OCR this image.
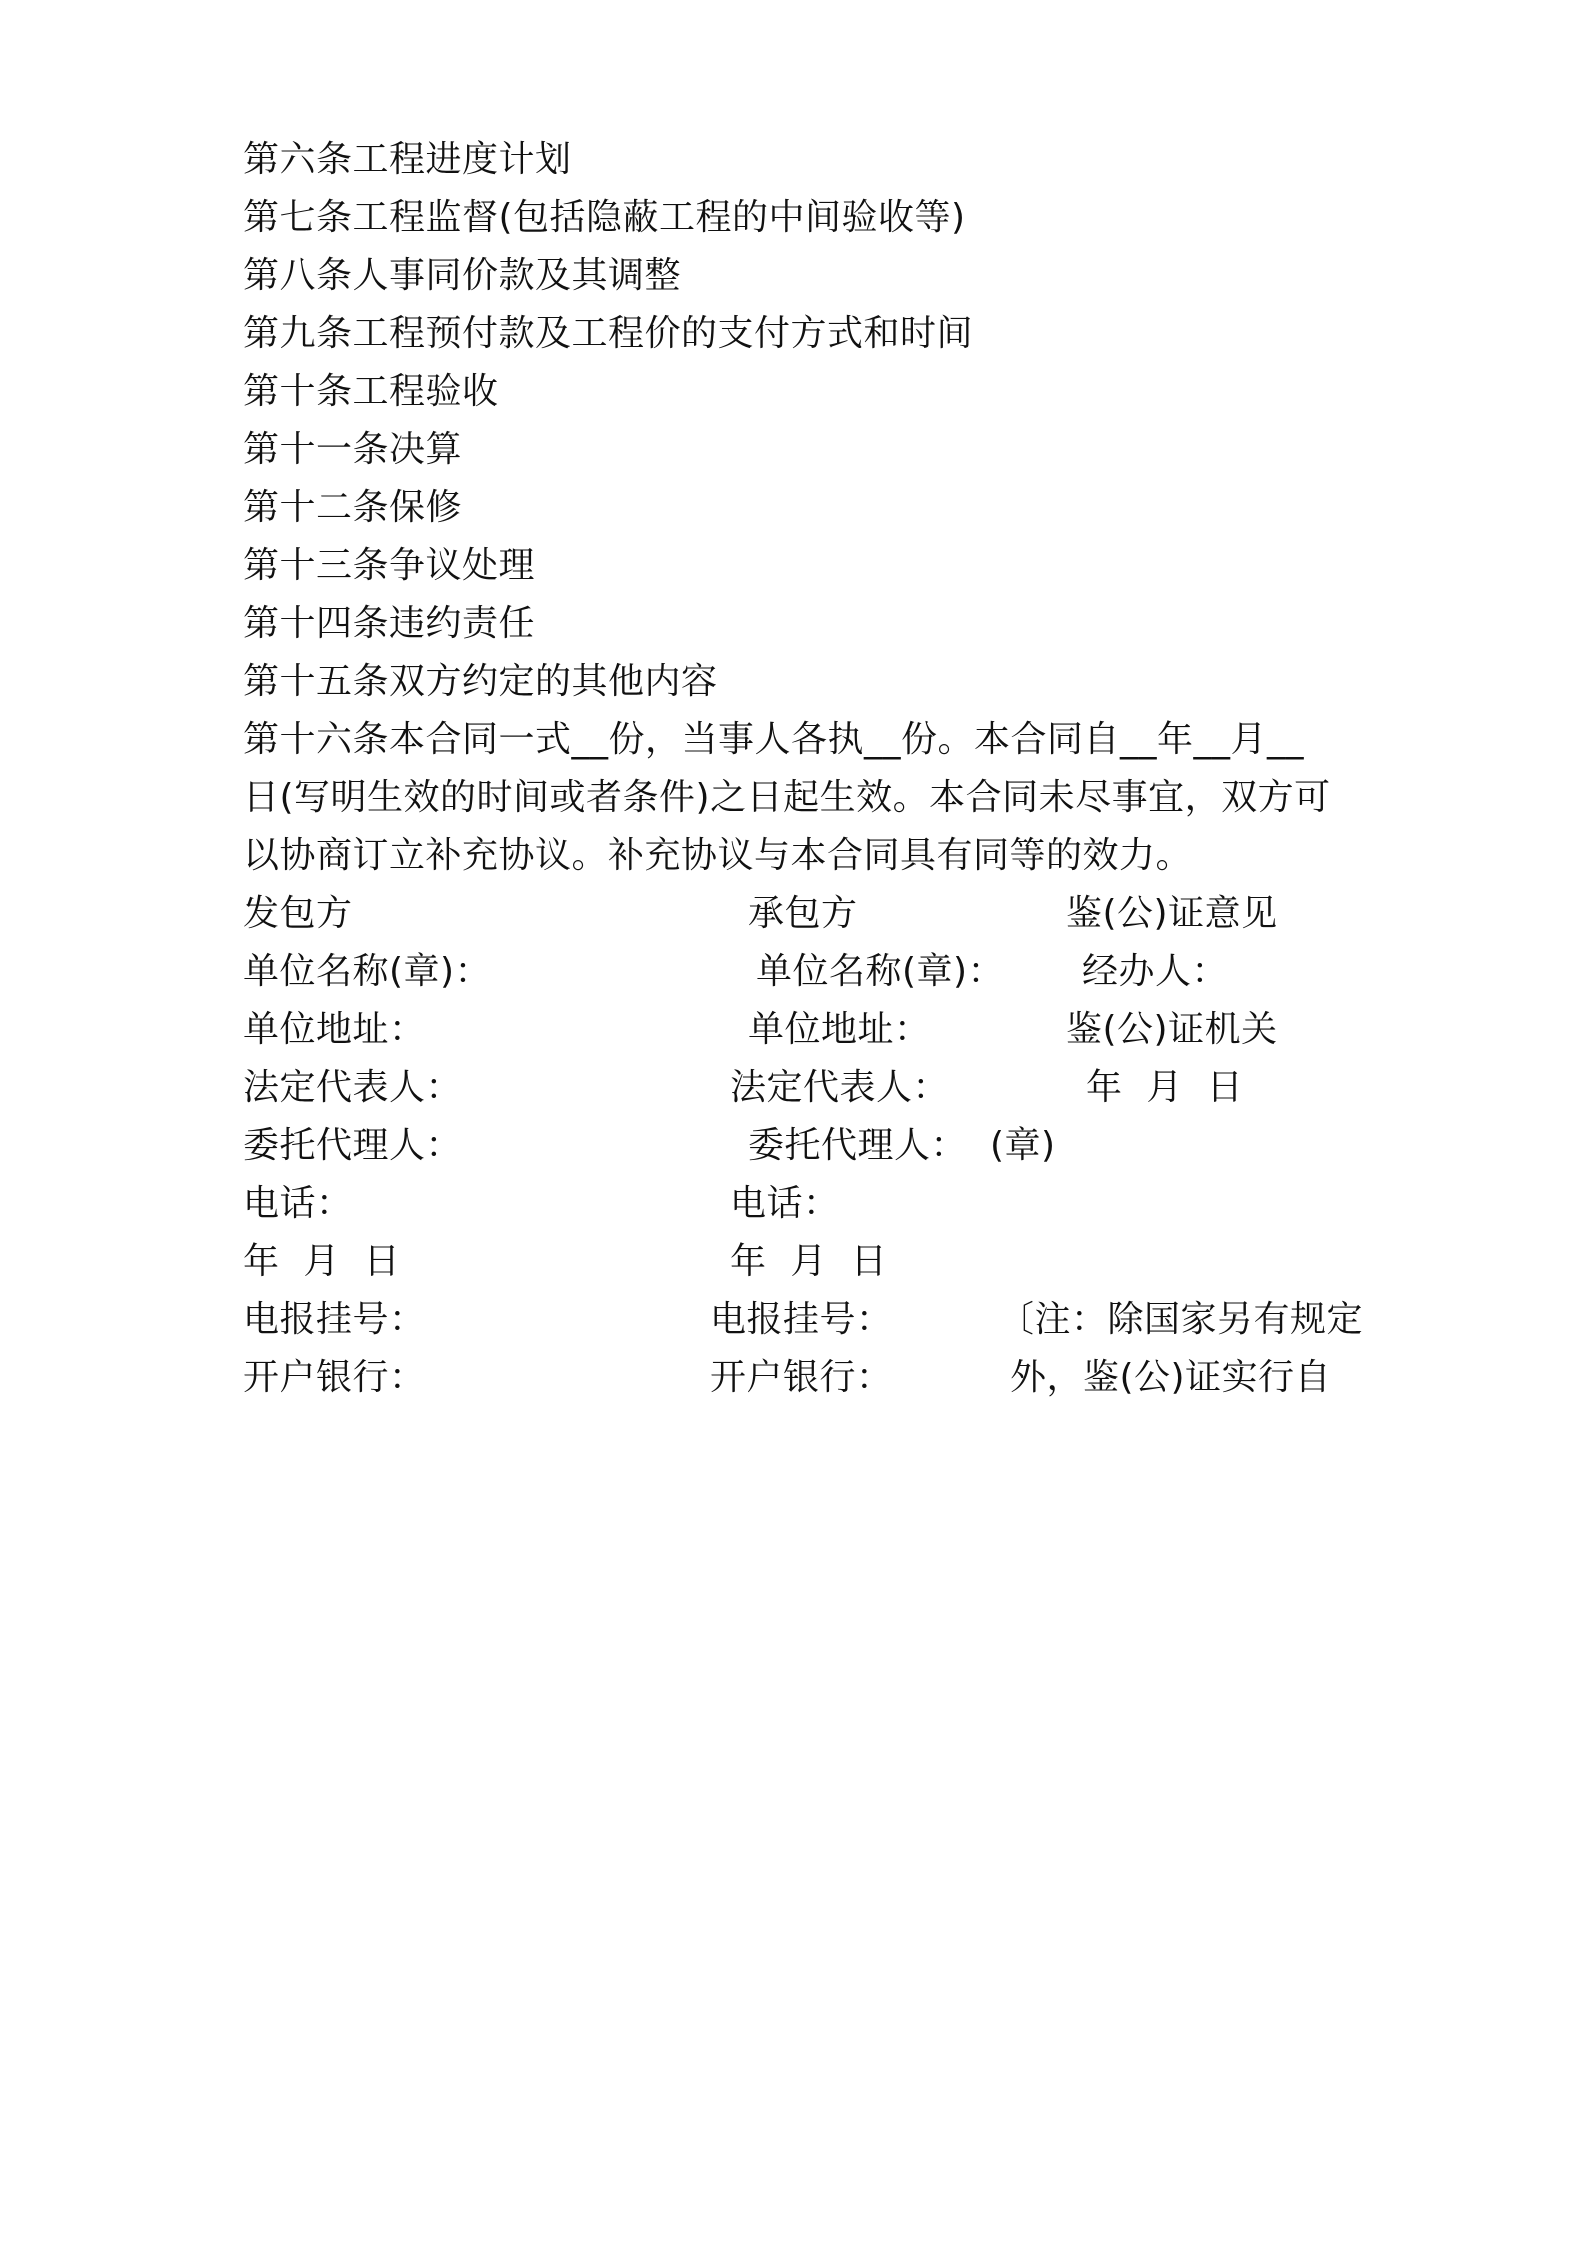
第六条工程进度计划
第七条工程监督(包括隐蔽工程的中间验收等)
第八条人事同价款及其调整
第九条工程预付款及工程价的支付方式和时间
第十条工程验收
第十一条决算
第十二条保修
第十三条争议处理
第十四条违约责任
第十五条双方约定的其他内容
第十六条本合同一式__份，当事人各执__份。本合同自__年__月__
日(写明生效的时间或者条件)之日起生效。本合同未尽事宜，双方可
以协商订立补充协议。补充协议与本合同具有同等的效力。
发包方	承包方	鉴(公)证意见
单位名称(章)：	单位名称(章)： 经办人：
单位地址：	单位地址：	鉴(公)证机关
法定代表人：	法定代表人：	年  月  日
委托代理人：	委托代理人： (章)
电话：	电话：
年  月  日	年  月  日
电报挂号：	电报挂号：	〔注：除国家另有规定
开户银行：	开户银行：	外，鉴(公)证实行自
